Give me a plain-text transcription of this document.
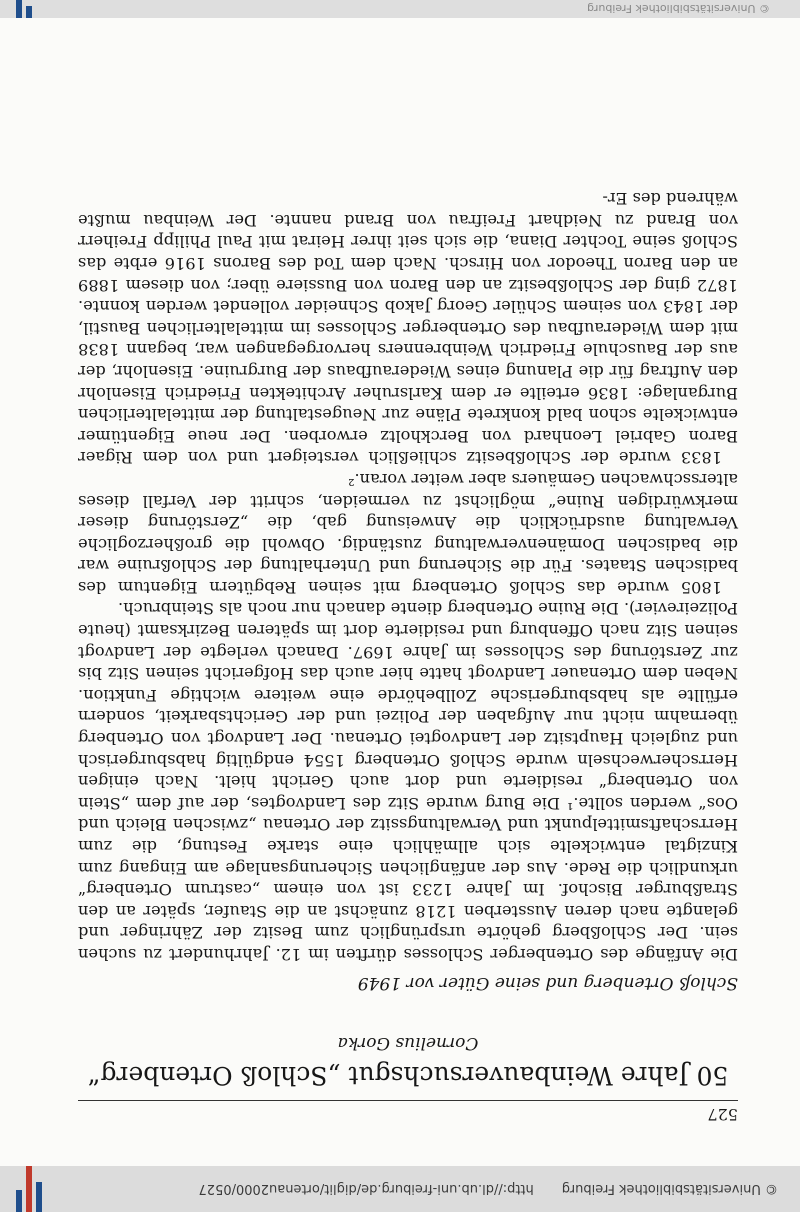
© Universitätsbibliothek Freiburg
http://dl.ub.uni-freiburg.de/diglit/ortenau2000/0527
527
50 Jahre Weinbauversuchsgut „Schloß Ortenberg“
Cornelius Gorka
Schloß Ortenberg und seine Güter vor 1949

Die Anfänge des Ortenberger Schlosses dürften im 12. Jahrhundert zu suchen sein. Der Schloßberg gehörte ursprünglich zum Besitz der Zähringer und gelangte nach deren Aussterben 1218 zunächst an die Staufer, später an den Straßburger Bischof. Im Jahre 1233 ist von einem „castrum Ortenberg“ urkundlich die Rede. Aus der anfänglichen Sicherungsanlage am Eingang zum Kinzigtal entwickelte sich allmählich eine starke Festung, die zum Herrschaftsmittelpunkt und Verwaltungssitz der Ortenau „zwischen Bleich und Oos“ werden sollte.¹ Die Burg wurde Sitz des Landvogtes, der auf dem „Stein von Ortenberg“ residierte und dort auch Gericht hielt. Nach einigen Herrscherwechseln wurde Schloß Ortenberg 1554 endgültig habsburgerisch und zugleich Hauptsitz der Landvogtei Ortenau. Der Landvogt von Ortenberg übernahm nicht nur Aufgaben der Polizei und der Gerichtsbarkeit, sondern erfüllte als habsburgerische Zollbehörde eine weitere wichtige Funktion. Neben dem Ortenauer Landvogt hatte hier auch das Hofgericht seinen Sitz bis zur Zerstörung des Schlosses im Jahre 1697. Danach verlegte der Landvogt seinen Sitz nach Offenburg und residierte dort im späteren Bezirksamt (heute Polizeirevier). Die Ruine Ortenberg diente danach nur noch als Steinbruch.

1805 wurde das Schloß Ortenberg mit seinen Rebgütern Eigentum des badischen Staates. Für die Sicherung und Unterhaltung der Schloßruine war die badischen Domänenverwaltung zuständig. Obwohl die großherzogliche Verwaltung ausdrücklich die Anweisung gab, die „Zerstörung dieser merkwürdigen Ruine“ möglichst zu vermeiden, schritt der Verfall dieses altersschwachen Gemäuers aber weiter voran.²

1833 wurde der Schloßbesitz schließlich versteigert und von dem Rigaer Baron Gabriel Leonhard von Berckholtz erworben. Der neue Eigentümer entwickelte schon bald konkrete Pläne zur Neugestaltung der mittelalterlichen Burganlage: 1836 erteilte er dem Karlsruher Architekten Friedrich Eisenlohr den Auftrag für die Planung eines Wiederaufbaus der Burgruine. Eisenlohr, der aus der Bauschule Friedrich Weinbrenners hervorgegangen war, begann 1838 mit dem Wiederaufbau des Ortenberger Schlosses im mittelalterlichen Baustil, der 1843 von seinem Schüler Georg Jakob Schneider vollendet werden konnte. 1872 ging der Schloßbesitz an den Baron von Bussiere über; von diesem 1889 an den Baron Theodor von Hirsch. Nach dem Tod des Barons 1916 erbte das Schloß seine Tochter Diana, die sich seit ihrer Heirat mit Paul Philipp Freiherr von Brand zu Neidhart Freifrau von Brand nannte. Der Weinbau mußte während des Er-

© Universitätsbibliothek Freiburg
